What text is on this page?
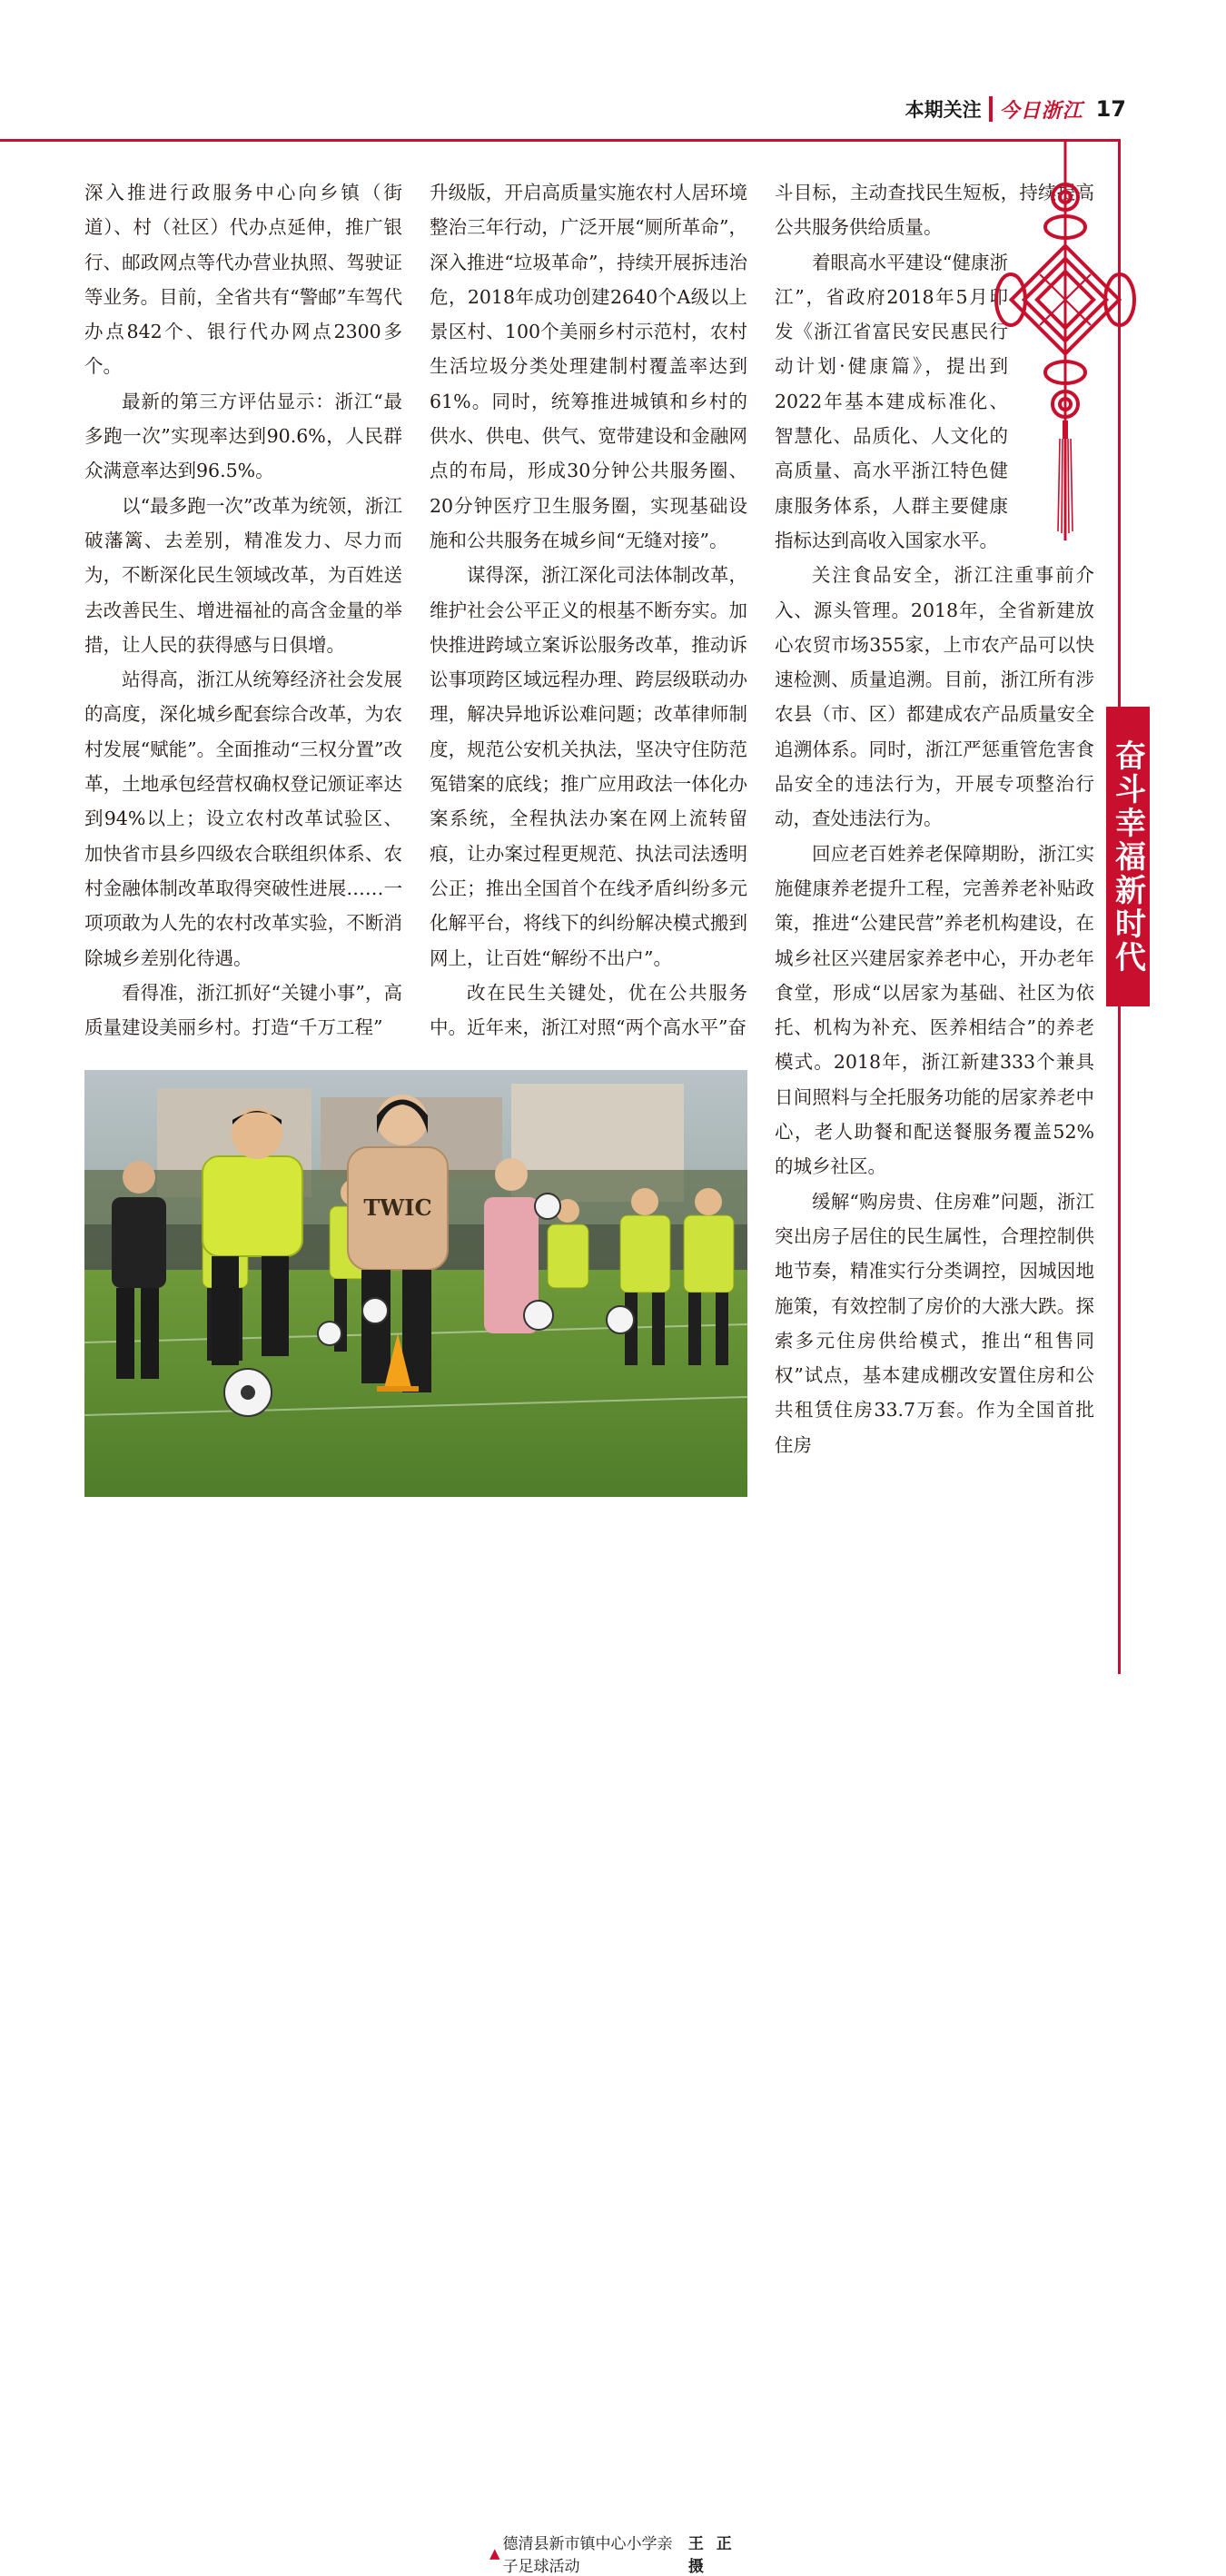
本期关注 今日浙江 17

深入推进行政服务中心向乡镇（街道）、村（社区）代办点延伸，推广银行、邮政网点等代办营业执照、驾驶证等业务。目前，全省共有“警邮”车驾代办点842个、银行代办网点2300多个。

最新的第三方评估显示：浙江“最多跑一次”实现率达到90.6%，人民群众满意率达到96.5%。

以“最多跑一次”改革为统领，浙江破藩篱、去差别，精准发力、尽力而为，不断深化民生领域改革，为百姓送去改善民生、增进福祉的高含金量的举措，让人民的获得感与日俱增。

站得高，浙江从统筹经济社会发展的高度，深化城乡配套综合改革，为农村发展“赋能”。全面推动“三权分置”改革，土地承包经营权确权登记颁证率达到94%以上；设立农村改革试验区、加快省市县乡四级农合联组织体系、农村金融体制改革取得突破性进展……一项项敢为人先的农村改革实验，不断消除城乡差别化待遇。

看得准，浙江抓好“关键小事”，高质量建设美丽乡村。打造“千万工程”

升级版，开启高质量实施农村人居环境整治三年行动，广泛开展“厕所革命”，深入推进“垃圾革命”，持续开展拆违治危，2018年成功创建2640个A级以上景区村、100个美丽乡村示范村，农村生活垃圾分类处理建制村覆盖率达到61%。同时，统筹推进城镇和乡村的供水、供电、供气、宽带建设和金融网点的布局，形成30分钟公共服务圈、20分钟医疗卫生服务圈，实现基础设施和公共服务在城乡间“无缝对接”。

谋得深，浙江深化司法体制改革，维护社会公平正义的根基不断夯实。加快推进跨域立案诉讼服务改革，推动诉讼事项跨区域远程办理、跨层级联动办理，解决异地诉讼难问题；改革律师制度，规范公安机关执法，坚决守住防范冤错案的底线；推广应用政法一体化办案系统，全程执法办案在网上流转留痕，让办案过程更规范、执法司法透明公正；推出全国首个在线矛盾纠纷多元化解平台，将线下的纠纷解决模式搬到网上，让百姓“解纷不出户”。

改在民生关键处，优在公共服务中。近年来，浙江对照“两个高水平”奋

斗目标，主动查找民生短板，持续提高公共服务供给质量。

着眼高水平建设“健康浙江”，省政府2018年5月印发《浙江省富民安民惠民行动计划·健康篇》，提出到2022年基本建成标准化、智慧化、品质化、人文化的高质量、高水平浙江特色健康服务体系，人群主要健康指标达到高收入国家水平。

关注食品安全，浙江注重事前介入、源头管理。2018年，全省新建放心农贸市场355家，上市农产品可以快速检测、质量追溯。目前，浙江所有涉农县（市、区）都建成农产品质量安全追溯体系。同时，浙江严惩重管危害食品安全的违法行为，开展专项整治行动，查处违法行为。

回应老百姓养老保障期盼，浙江实施健康养老提升工程，完善养老补贴政策，推进“公建民营”养老机构建设，在城乡社区兴建居家养老中心，开办老年食堂，形成“以居家为基础、社区为依托、机构为补充、医养相结合”的养老模式。2018年，浙江新建333个兼具日间照料与全托服务功能的居家养老中心，老人助餐和配送餐服务覆盖52%的城乡社区。

缓解“购房贵、住房难”问题，浙江突出房子居住的民生属性，合理控制供地节奏，精准实行分类调控，因城因地施策，有效控制了房价的大涨大跌。探索多元住房供给模式，推出“租售同权”试点，基本建成棚改安置住房和公共租赁住房33.7万套。作为全国首批住房

奋斗幸福新时代
TWIC
▲ 德清县新市镇中心小学亲子足球活动
王 正 摄
